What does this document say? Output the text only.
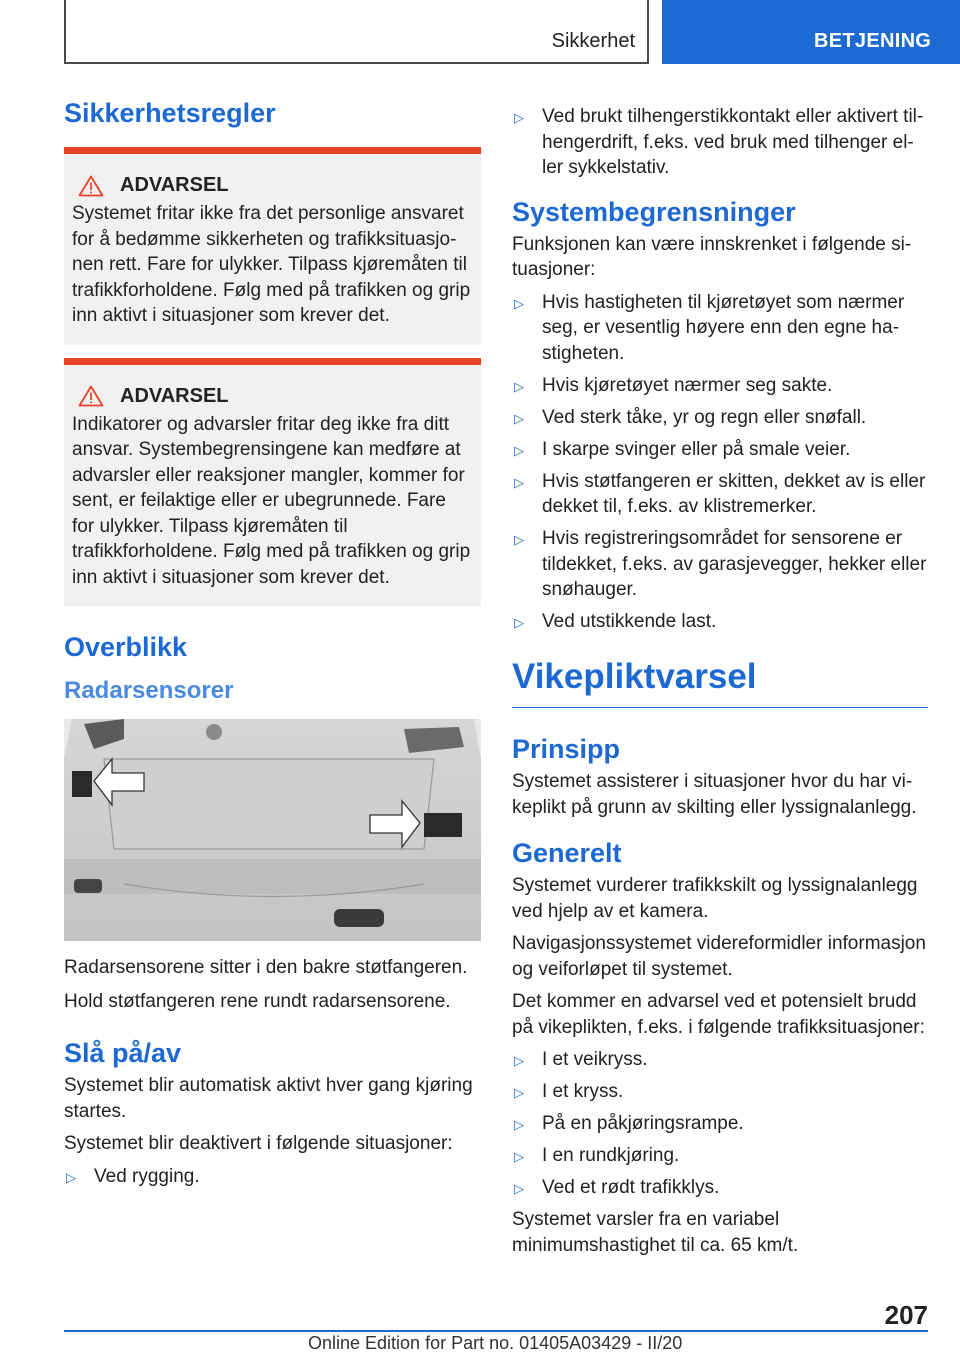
Sikkerhet	BETJENING
Sikkerhetsregler
ADVARSEL

Systemet fritar ikke fra det personlige ansvaret for å bedømme sikkerheten og trafikksituasjonen rett. Fare for ulykker. Tilpass kjøremåten til trafikkforholdene. Følg med på trafikken og grip inn aktivt i situasjoner som krever det.

ADVARSEL

Indikatorer og advarsler fritar deg ikke fra ditt ansvar. Systembegrensingene kan medføre at advarsler eller reaksjoner mangler, kommer for sent, er feilaktige eller er ubegrunnede. Fare for ulykker. Tilpass kjøremåten til trafikkforholdene. Følg med på trafikken og grip inn aktivt i situasjoner som krever det.

Overblikk
Radarsensorer

Radarsensorene sitter i den bakre støtfangeren.

Hold støtfangeren rene rundt radarsensorene.

Slå på/av

Systemet blir automatisk aktivt hver gang kjøring startes.

Systemet blir deaktivert i følgende situasjoner:

▷ Ved rygging.
▷ Ved brukt tilhengerstikkontakt eller aktivert tilhengerdrift, f.eks. ved bruk med tilhenger eller sykkelstativ.
Systembegrensninger

Funksjonen kan være innskrenket i følgende situasjoner:

▷ Hvis hastigheten til kjøretøyet som nærmer seg, er vesentlig høyere enn den egne hastigheten.
▷ Hvis kjøretøyet nærmer seg sakte.
▷ Ved sterk tåke, yr og regn eller snøfall.
▷ I skarpe svinger eller på smale veier.
▷ Hvis støtfangeren er skitten, dekket av is eller dekket til, f.eks. av klistremerker.
▷ Hvis registreringsområdet for sensorene er tildekket, f.eks. av garasjevegger, hekker eller snøhauger.
▷ Ved utstikkende last.
Vikepliktvarsel
Prinsipp

Systemet assisterer i situasjoner hvor du har vikeplikt på grunn av skilting eller lyssignalanlegg.

Generelt

Systemet vurderer trafikkskilt og lyssignalanlegg ved hjelp av et kamera.

Navigasjonssystemet videreformidler informasjon og veiforløpet til systemet.

Det kommer en advarsel ved et potensielt brudd på vikeplikten, f.eks. i følgende trafikksituasjoner:

▷ I et veikryss.
▷ I et kryss.
▷ På en påkjøringsrampe.
▷ I en rundkjøring.
▷ Ved et rødt trafikklys.

Systemet varsler fra en variabel minimumshastighet til ca. 65 km/t.

207
Online Edition for Part no. 01405A03429 - II/20
